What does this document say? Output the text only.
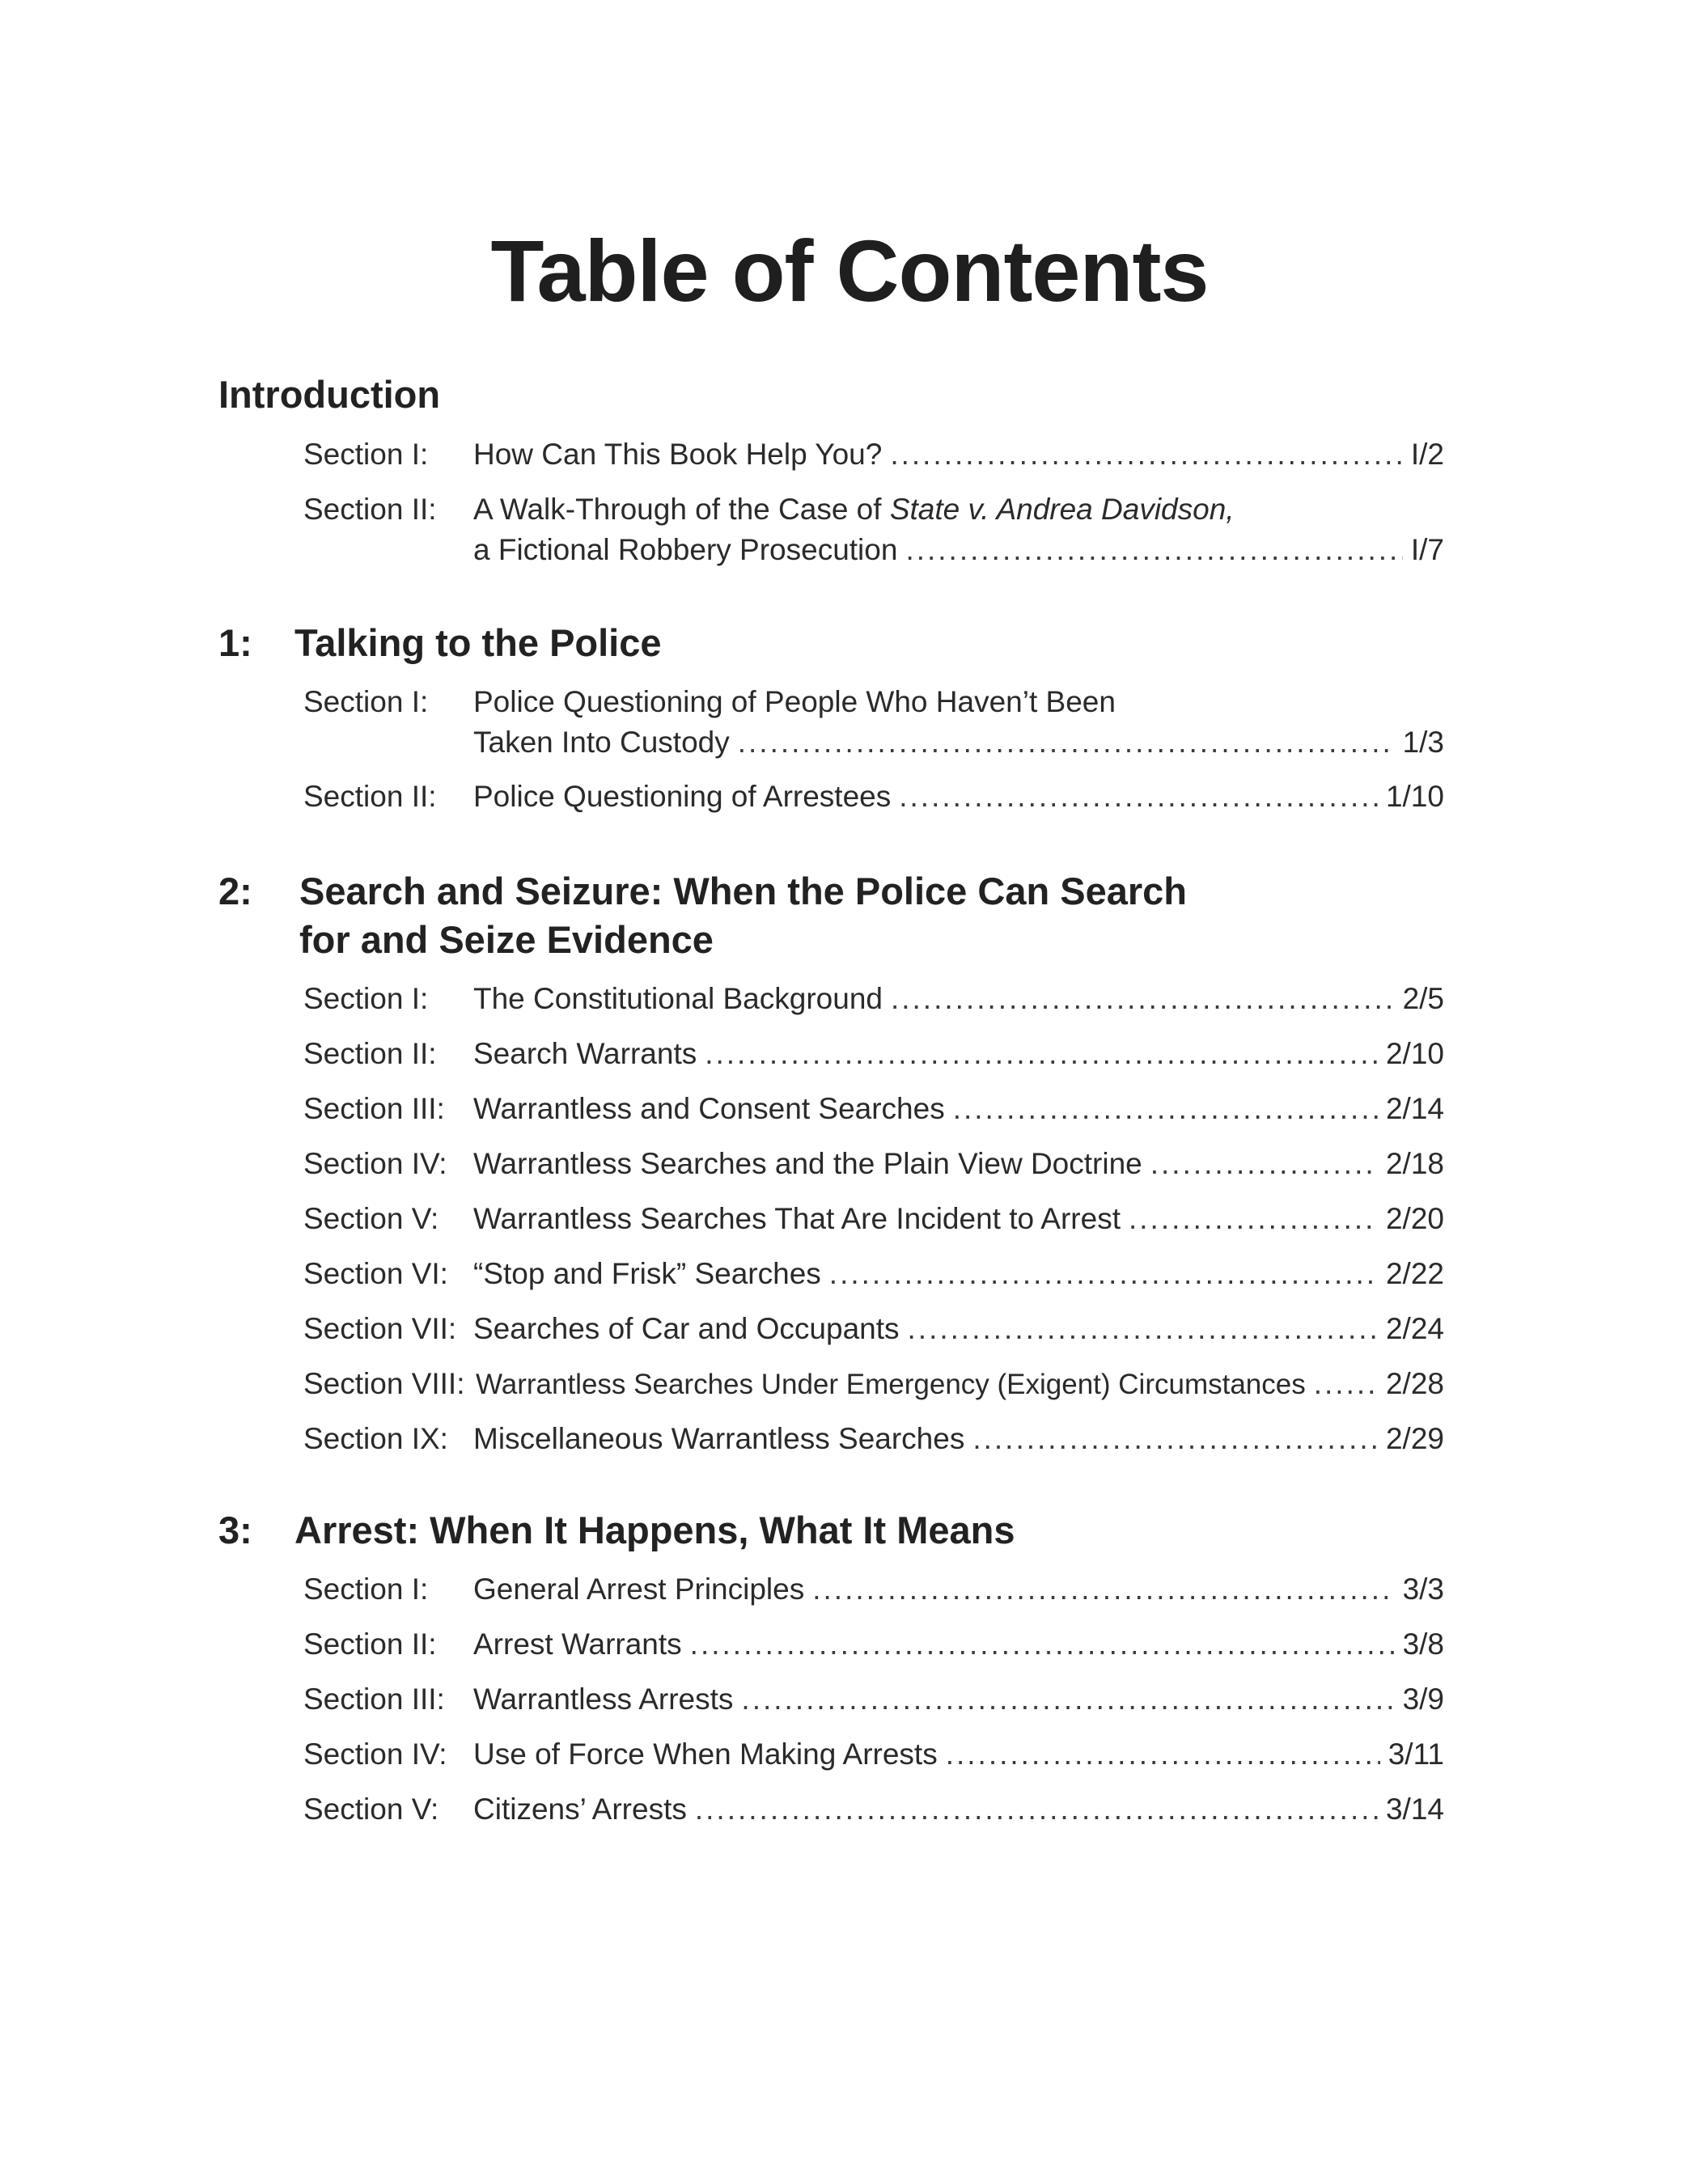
Table of Contents
Introduction
Section I: How Can This Book Help You? .....	I/2
Section II: A Walk-Through of the Case of State v. Andrea Davidson,
a Fictional Robbery Prosecution .....	I/7
1: Talking to the Police
Section I: Police Questioning of People Who Haven’t Been
Taken Into Custody .....	1/3
Section II: Police Questioning of Arrestees .....	1/10
2: Search and Seizure: When the Police Can Search
for and Seize Evidence
Section I: The Constitutional Background .....	2/5
Section II: Search Warrants .....	2/10
Section III: Warrantless and Consent Searches .....	2/14
Section IV: Warrantless Searches and the Plain View Doctrine .....	2/18
Section V: Warrantless Searches That Are Incident to Arrest .....	2/20
Section VI: “Stop and Frisk” Searches .....	2/22
Section VII: Searches of Car and Occupants .....	2/24
Section VIII: Warrantless Searches Under Emergency (Exigent) Circumstances .....	2/28
Section IX: Miscellaneous Warrantless Searches .....	2/29
3: Arrest: When It Happens, What It Means
Section I: General Arrest Principles .....	3/3
Section II: Arrest Warrants .....	3/8
Section III: Warrantless Arrests .....	3/9
Section IV: Use of Force When Making Arrests .....	3/11
Section V: Citizens’ Arrests .....	3/14
